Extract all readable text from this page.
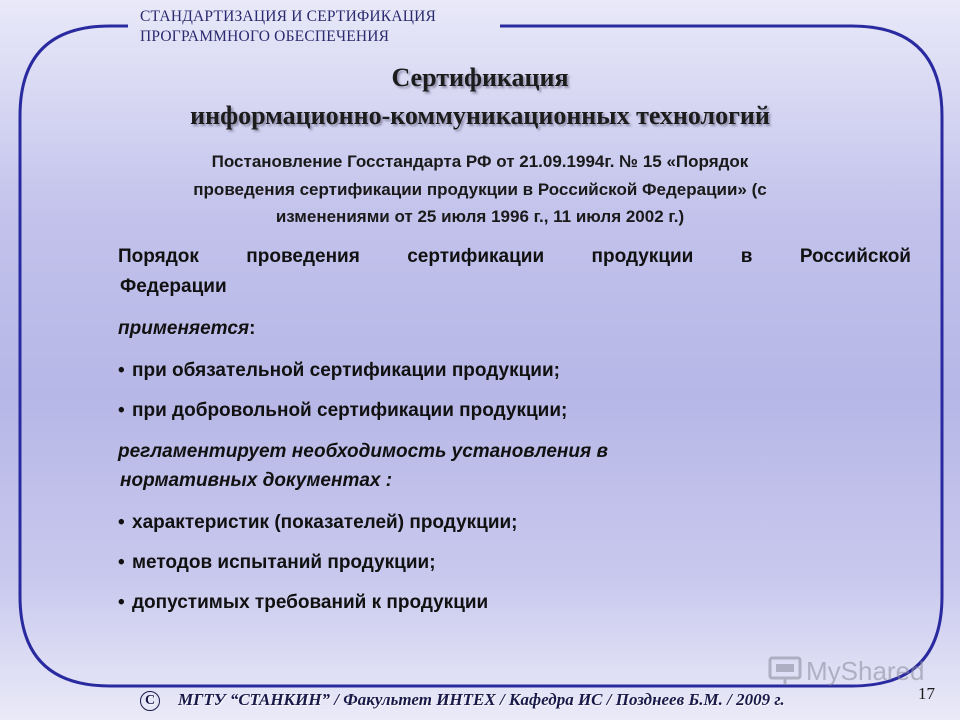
СТАНДАРТИЗАЦИЯ И СЕРТИФИКАЦИЯ
ПРОГРАММНОГО ОБЕСПЕЧЕНИЯ
Сертификация
информационно-коммуникационных технологий
Постановление Госстандарта РФ от 21.09.1994г. № 15 «Порядок
проведения сертификации продукции в Российской Федерации» (с
изменениями от 25 июля 1996 г., 11 июля 2002 г.)
Порядок проведения сертификации продукции в Российской
Федерации
применяется:
• при обязательной сертификации продукции;
• при добровольной сертификации продукции;
регламентирует необходимость установления в
нормативных документах :
• характеристик (показателей) продукции;
• методов испытаний продукции;
• допустимых требований к продукции
MyShared
С МГТУ “СТАНКИН” / Факультет ИНТЕХ / Кафедра ИС / Позднеев Б.М. / 2009 г.	17
